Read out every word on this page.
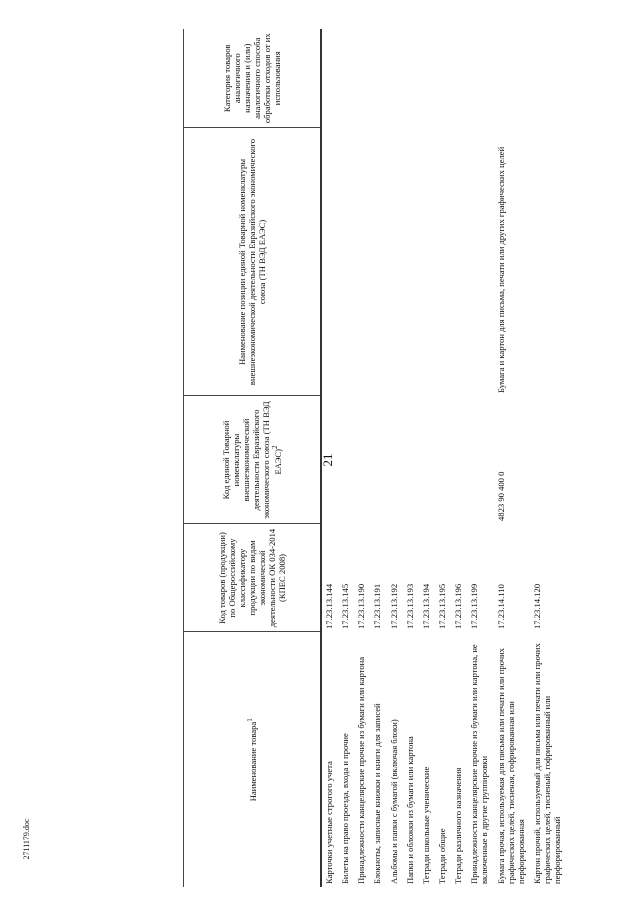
21
2711179.doc
Наименование товара$^1$	Код товаров (продукции) по Общероссийскому классификатору продукции по видам экономической деятельности ОК 034-2014 (КПЕС 2008)	Код единой Товарной номенклатуры внешнеэкономической деятельности Евразийского экономического союза (ТН ВЭД ЕАЭС)$^2$	Наименование позиции единой Товарной номенклатуры внешнеэкономической деятельности Евразийского экономического союза (ТН ВЭД ЕАЭС)	Категория товаров аналогичного назначения и (или) аналогичного способа обработки отходов от их использования
Карточки учетные строгого учета	17.23.13.144			
Билеты на право проезда, входа и прочие	17.23.13.145			
Принадлежности канцелярские прочие из бумаги или картона	17.23.13.190			
Блокноты, записные книжки и книги для записей	17.23.13.191			
Альбомы и папки с бумагой (включая блоки)	17.23.13.192			
Папки и обложки из бумаги или картона	17.23.13.193			
Тетради школьные ученические	17.23.13.194			
Тетради общие	17.23.13.195			
Тетради различного назначения	17.23.13.196			
Принадлежности канцелярские прочие из бумаги или картона, не включенные в другие группировки	17.23.13.199			
Бумага прочая, используемая для письма или печати или прочих графических целей, тисненая, гофрированная или перфорированная	17.23.14.110	4823 90 400 0	Бумага и картон для письма, печати или других графических целей	
Картон прочий, используемый для письма или печати или прочих графических целей, тисненый, гофрированный или перфорированный	17.23.14.120			
